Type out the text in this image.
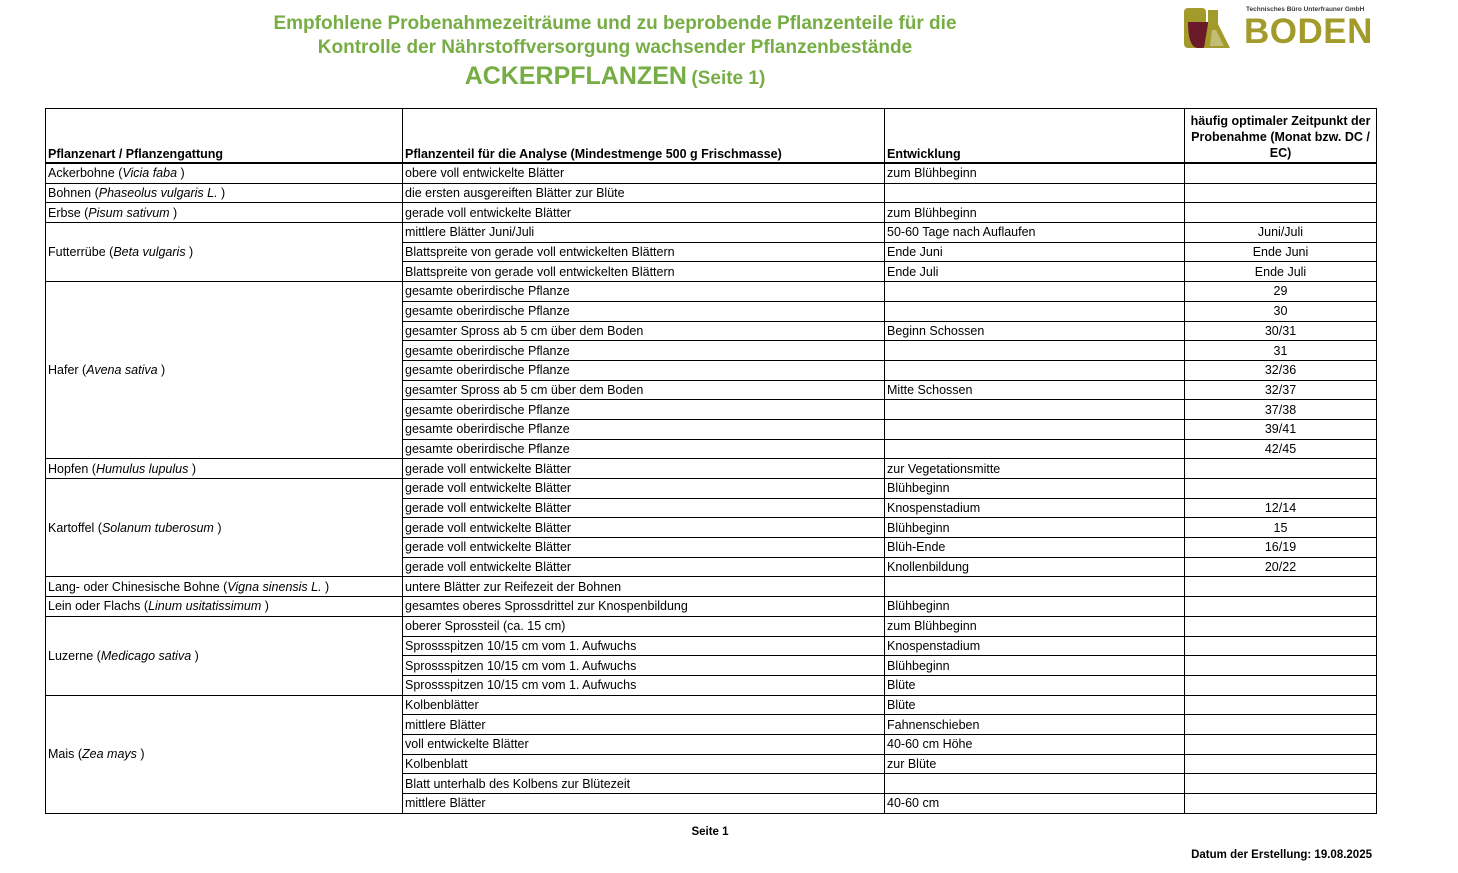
Empfohlene Probenahmezeiträume und zu beprobende Pflanzenteile für die
Kontrolle der Nährstoffversorgung wachsender Pflanzenbestände
ACKERPFLANZEN (Seite 1)
Technisches Büro Unterfrauner GmbH
BODEN
Pflanzenart / Pflanzengattung	Pflanzenteil für die Analyse (Mindestmenge 500 g Frischmasse)	Entwicklung	häufig optimaler Zeitpunkt der Probenahme (Monat bzw. DC / EC)
Ackerbohne (Vicia faba )	obere voll entwickelte Blätter	zum Blühbeginn	
Bohnen (Phaseolus vulgaris L. )	die ersten ausgereiften Blätter zur Blüte		
Erbse (Pisum sativum )	gerade voll entwickelte Blätter	zum Blühbeginn	
Futterrübe (Beta vulgaris )	mittlere Blätter Juni/Juli	50-60 Tage nach Auflaufen	Juni/Juli
	Blattspreite von gerade voll entwickelten Blättern	Ende Juni	Ende Juni
	Blattspreite von gerade voll entwickelten Blättern	Ende Juli	Ende Juli
Hafer (Avena sativa )	gesamte oberirdische Pflanze		29
	gesamte oberirdische Pflanze		30
	gesamter Spross ab 5 cm über dem Boden	Beginn Schossen	30/31
	gesamte oberirdische Pflanze		31
	gesamte oberirdische Pflanze		32/36
	gesamter Spross ab 5 cm über dem Boden	Mitte Schossen	32/37
	gesamte oberirdische Pflanze		37/38
	gesamte oberirdische Pflanze		39/41
	gesamte oberirdische Pflanze		42/45
Hopfen (Humulus lupulus )	gerade voll entwickelte Blätter	zur Vegetationsmitte	
Kartoffel (Solanum tuberosum )	gerade voll entwickelte Blätter	Blühbeginn	
	gerade voll entwickelte Blätter	Knospenstadium	12/14
	gerade voll entwickelte Blätter	Blühbeginn	15
	gerade voll entwickelte Blätter	Blüh-Ende	16/19
	gerade voll entwickelte Blätter	Knollenbildung	20/22
Lang- oder Chinesische Bohne (Vigna sinensis L. )	untere Blätter zur Reifezeit der Bohnen		
Lein oder Flachs (Linum usitatissimum )	gesamtes oberes Sprossdrittel zur Knospenbildung	Blühbeginn	
Luzerne (Medicago sativa )	oberer Sprossteil (ca. 15 cm)	zum Blühbeginn	
	Sprossspitzen 10/15 cm vom 1. Aufwuchs	Knospenstadium	
	Sprossspitzen 10/15 cm vom 1. Aufwuchs	Blühbeginn	
	Sprossspitzen 10/15 cm vom 1. Aufwuchs	Blüte	
Mais (Zea mays )	Kolbenblätter	Blüte	
	mittlere Blätter	Fahnenschieben	
	voll entwickelte Blätter	40-60 cm Höhe	
	Kolbenblatt	zur Blüte	
	Blatt unterhalb des Kolbens zur Blütezeit		
	mittlere Blätter	40-60 cm	
Seite 1
Datum der Erstellung: 19.08.2025
